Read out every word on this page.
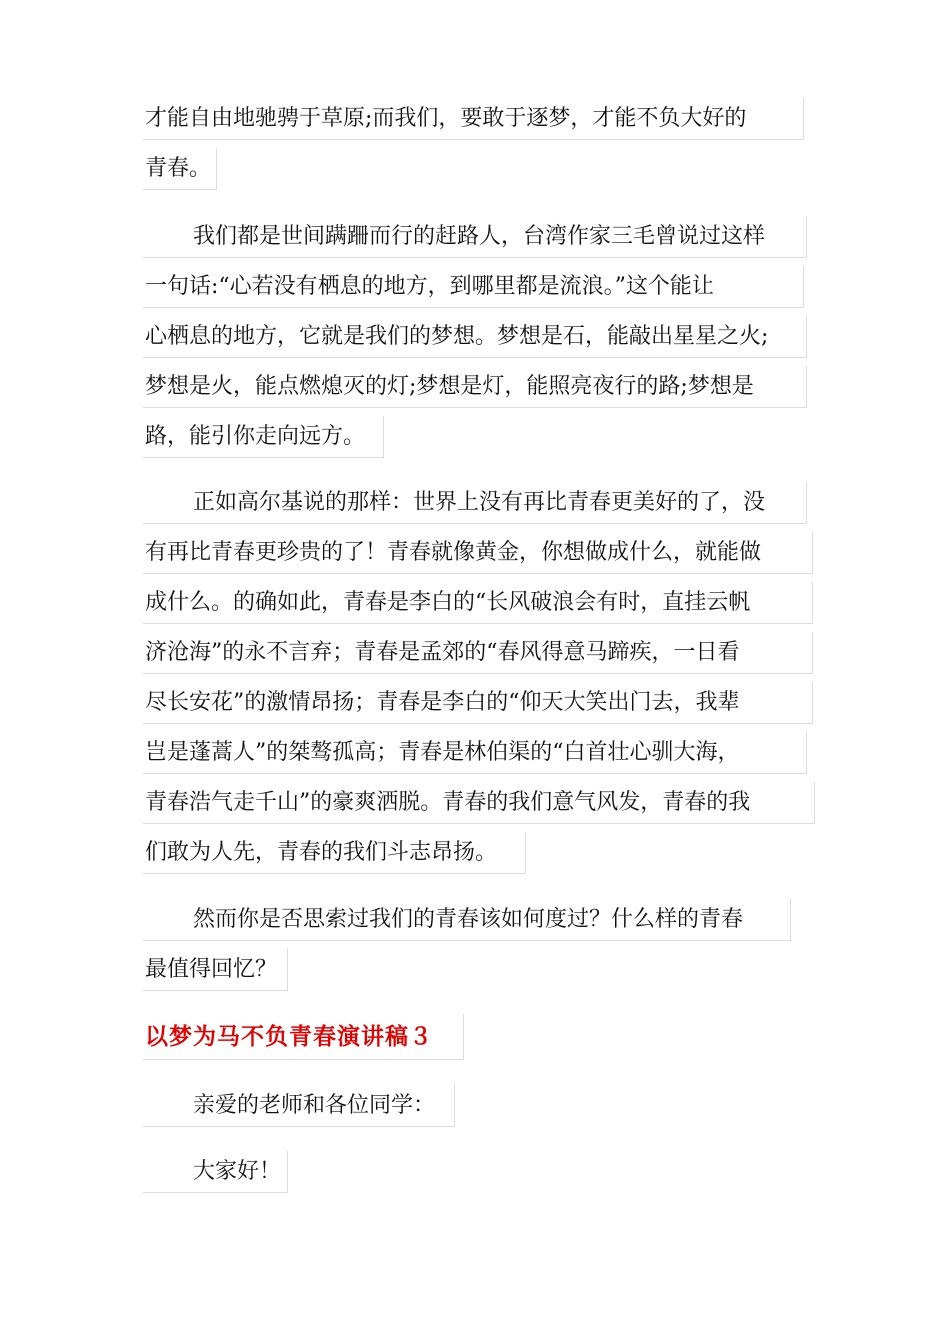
才能自由地驰骋于草原;而我们，要敢于逐梦，才能不负大好的
青春。
我们都是世间蹒跚而行的赶路人，台湾作家三毛曾说过这样
一句话:“心若没有栖息的地方，到哪里都是流浪。”这个能让
心栖息的地方，它就是我们的梦想。梦想是石，能敲出星星之火;
梦想是火，能点燃熄灭的灯;梦想是灯，能照亮夜行的路;梦想是
路，能引你走向远方。
正如高尔基说的那样：世界上没有再比青春更美好的了，没
有再比青春更珍贵的了！青春就像黄金，你想做成什么，就能做
成什么。的确如此，青春是李白的“长风破浪会有时，直挂云帆
济沧海”的永不言弃；青春是孟郊的“春风得意马蹄疾，一日看
尽长安花”的激情昂扬；青春是李白的“仰天大笑出门去，我辈
岂是蓬蒿人”的桀骜孤高；青春是林伯渠的“白首壮心驯大海，
青春浩气走千山”的豪爽洒脱。青春的我们意气风发，青春的我
们敢为人先，青春的我们斗志昂扬。
然而你是否思索过我们的青春该如何度过？什么样的青春
最值得回忆？
以梦为马不负青春演讲稿３
亲爱的老师和各位同学：
大家好！
